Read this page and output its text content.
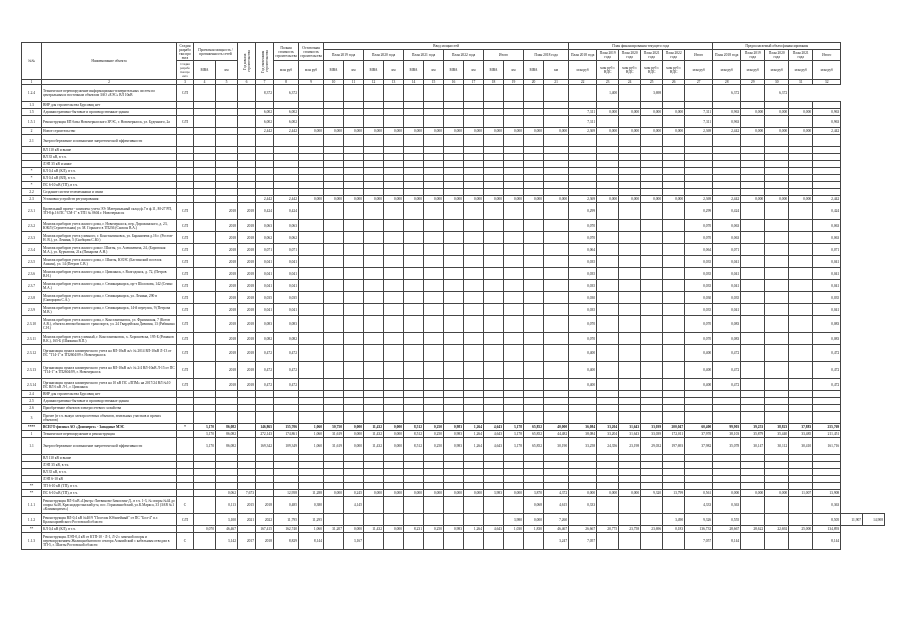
№№	Наименование объекта	Стадия разрабо тки про екта	Проектная мощность / протяженность сетей		Год начала строительства	Год окончания строительства	Полная стоимость строительства	Остаточная стоимость строительства	Ввод мощностей												План финансирования текущего года						Предполагаемый объем финансирования						
									План 2019 года		План 2020 года		План 2021 года		План 2022 года		Итого		План 2018 года		План 2018 года	План 2019 года	План 2020 года	План 2021 года	План 2022 года	Итого	План 2018 года	План 2019 года	План 2020 года	План 2021 года	Итого		
		Стадия разрабо тки про екта	МВА	км			млн руб	млн руб	МВА	км	МВА	км	МВА	км	МВА	км	МВА	км	МВА	км	млн руб	млн руб с НДС	млн руб с НДС	млн руб с НДС	млн руб с НДС	млн руб	млн руб	млн руб	млн руб	млн руб	млн руб		
1	2	3	4	5	6	7	8	9	10	11	12	13	14	15	16	17	18	19	20	21	22	23	24	25	26	27	28	29	30	31	32		
1.2.4	Техническое перевооружение информационно-измерительных систем по центральным и восточным объектам ЗАО «ЕЭС» ВЛ 10кВ	С/П				8,372	6,372															1,400		3,698			6,372		6,372				
1.3	ВНР для строительства Бурсовиц нет																																
1.5	Административно-бытовые и производственные здания					6,002	6,002														7,311	0,000	0,000	0,000	0,000	7,311	0,963	0,000	0,000	0,000	0,963		
1.5.1	Реконструкция ЕП базы Новочеркасского ЗРЭС, г. Новочеркасск, ул. Буденного, 2а	С/П				6,002	6,002														7,311					7,311	0,963				0,963		
2	Новое строительство					2,442	2,442	0,000	0,000	0,000	0,000	0,000	0,000	0,000	0,000	0,000	0,000	0,000	0,000	0,000	2,369	0,000	0,000	0,000	0,000	2,369	2,442	0,000	0,000	0,000	2,442		
2.1	Энергосбережение и повышение энергетической эффективности																																
	ВЛ 110 кВ и выше																																
	ВЛ 35 кВ, в т.ч.																																
	ЛЭП 35 кВ и ниже																																
*	КЛ 0,4 кВ (КЛ), в т.ч.																																
*	КЛ 0,4 кВ (ВЛ), в т.ч.																																
*	ПС 6-10 кВ (ТП), в т.ч.																																
2.2	Создание систем телемеханики и связи																																
2.3	Установка устройств регулирования					2,442	2,442	0,000	0,000	0,000	0,000	0,000	0,000	0,000	0,000	0,000	0,000	0,000	0,000	0,000	2,369	0,000	0,000	0,000	0,000	2,369	2,442	0,000	0,000	0,000	2,442		
2.3.1	Кровельный проект - комплекс учета ЭЭ: Материальный склад ф.7 в ф.11, М-27 РП, ТП-8 ф.16 ПС "СМ-1" в ТП1 № 0604 г. Новочеркасск	С/П		2018	2018	0,424	0,424														0,299					0,299	0,424				0,424		
2.3.2	Монтаж приборов учета жилого дома, г. Новочеркасск, пер. Дорожинского, д. 23, ЮКЛ (Строительная) ул. М. Горького в ТП236 (Самсон В.А.)	С/П		2018	2018	0,063	0,063														0,070					0,070	0,063				0,063		
2.3.3	Монтаж приборов учета уличного, г. Константиновск, ул. Бараничева д.16 г. (Ростов-Н. В.), ул. Ленина, 5 (Скобцова С.Ю.)	С/П		2018	2018	0,062	0,062														0,070					0,070	0,063				0,063		
2.3.4	Монтаж приборов учета жилого дома г. Шахты, ул. Алешкевича, 24, (Боровская М.А.), ул. Курчатова, 21к (Пикарова А.Н.)	С/П		2018	2018	0,071	0,071														0,064					0,064	0,071				0,071		
2.3.5	Монтаж приборов учета жилого дома, г. Шахты, ЮЗЭС (Бастинский поселок Ашкин), ул. 14 (Петров С.В.)	С/П		2018	2018	0,041	0,041														0,035					0,035	0,041				0,041		
2.3.6	Монтаж приборов учета жилого дома, г. Цимлянск, г. Волгодонск, д. 72, (Петров В.Н.)	С/П		2018	2018	0,041	0,041														0,035					0,035	0,041				0,041		
2.3.7	Монтаж приборов учета жилого дома, г. Семикаракорск, пр-т Шолохова, 142 (Семко М.А.)	С/П		2018	2018	0,041	0,041														0,035					0,035	0,041				0,041		
2.3.8	Монтаж приборов учета жилого дома, г. Семикаракорск, ул. Ленина, 290 в (Скворцова С.А.)	С/П		2018	2018	0,035	0,035														0,030					0,030	0,035				0,035		
2.3.9	Монтаж приборов учета жилого дома, г. Семикаракорск, 14-й переулок, 9 (Петрова М.В.)	С/П		2018	2018	0,041	0,041														0,035					0,035	0,041				0,041		
2.3.10	Монтаж приборов учета жилого дома, г. Константиновск, ул. Фрязинская, 7 (Котов А.В.), объекта автомобильного транспорта, ул. 24 Гвардейская Дивизия, 13 (Рябинина С.Н.)	С/П		2018	2018	0,083	0,083														0,070					0,070	0,083				0,083		
2.3.11	Монтаж приборов учета уличный, г. Константиновск, х. Хорошевска, 195-Б (Романов В.К.), 165-Б (Шапкина В.П.)	С/П		2018	2018	0,082	0,082														0,070					0,070	0,083				0,083		
2.3.12	Организация пункта коммерческого учета на ВЛ-10кВ ж/с № 2014 ВЛ-10кВ Л-13 от ПС "Т14-1" в ТП2604/09 г. Новочеркасск	С/П		2018	2018	0,472	0,472														0,400					0,400	0,472				0,472		
2.3.13	Организация пункта коммерческого учета на ВЛ-10кВ ж/с № 2/4 ВЛ-10кВ Л-15 от ПС "Т14-1" в ТП2604/09, г. Новочеркасск	С/П		2018	2018	0,472	0,472														0,400					0,400	0,472				0,472		
2.3.14	Организация пункта коммерческого учета на 10 кВ ПС «ЛПМ» на 2017/24 ВЛ №10 ПС ВЛ 6 кВ Л-1, г. Цимлянск	С/П		2018	2018	0,472	0,472														0,400					0,400	0,472				0,472		
2.4	ВНР для строительства Бурсовиц нет																																
2.5	Административно-бытовые и производственные здания																																
2.6	Приобретение объектов электросетевого хозяйства																																
3	Прочее (в т.ч. выкуп электросетевых объектов, земельных участков и прочих объектов)																																
****	ВСЕГО филиал АО «Донэнерго» - Западные МЭС	*	3,170	86,082		146,865	155,706	1,060	50,750	0,000	11,432	0,000	8,512	0,250	0,983	1,264	4,643	3,178	65,852	40,000	36,084	33,204	31,643	33,039	200,047	60,400	99,903	39,253	38,823	37,883	255,769		
1	Техническое перевооружение и реконструкция		3,170	86,082		272,143	174,861	1,060	31,619	0,000	11,432	0,000	8,512	0,250	0,983	1,264	4,643	3,178	65,852	44,482	38,084	33,204	31,643	33,039	172,011	37,970	38,103	35,879	35,440	33,485	211,451		
1.1	Энергосбережение и повышение энергетической эффективности		3,170	86,082		169,342	109,349	1,060	31,619	0,000	11,432	0,000	8,512	0,250	0,983	1,264	4,643	3,178	65,852	30,190	33,258	24,356	23,198	29,032	197,693	37,982	35,078	30,147	30,112	30,410	161,716		
	ВЛ 110 кВ и выше																																
	ЛЭП 35 кВ, в т.ч.																																
	ВЛ 35 кВ, в т.ч.																																
	ЛЭП 6-10 кВ																																
**	ТП 6-10 кВ (ТП), в т.ч.																																
**	ПС 6-10 кВ (ТП), в т.ч.			0,062	7,673		12,958	11,288	0,000	0,245	0,000	0,000	0,000	0,000	0,000	0,000	3,983	0,000	3,870	4,372	0,000	0,000	0,000	9,320	13,799	0,561	0,000	0,000	0,000	11,007	13,908		
1.1.1	Реконструкция ВЛ-6 кВ «Центр»-Литвиново-Замоглин-Д., в т.ч. 1-3, № опоры №44 до опоры №48, Краснодарстанский р-н, пос. Горноаннобский, ул.К.Маркса, 33 (ЗАВ №1 «Клинкоциент»)	С		0,113	2015	2018	0,485	0,380		4,145									0,068	4,615	0,333					4,333	0,363				0,363		
1.1.2	Реконструкция ВЛ-0,4 кВ №40/9 "Поселок Юбилейный" от ПС "Бол-4" п.г. Красноармейского Ростовской области	С/П		3,100	2021	2022	11,795	11,295										3,980	0,000	7,260					3,490	9,326	0,555				8,505	11,907	14,908
**	КЛ 0,4 кВ (КЛ), в т.ч.		0,070	46,467		167,415	162,740	1,060	31,207	0,000	11,432	0,000	8,231	0,250	0,983	1,264	4,643	1,030	1,830	46,467	26,667	20,775	23,758	23,696	0,183	136,733	28,667	28,622	22,692	25,000	134,893		
1.1.3	Реконструкция ЛЭП-0,4 кВ от КТП-10 - Л-1, Л-2 с заменой опоры и перевооружением Жилищнобытового сектора Альпийский с кабельным отводом в ТП-5, г. Шахты Ростовской области	С		3,142	2017	2018	8,829	8,144		3,167										3,247	7,057					7,057	8,144				8,144		
